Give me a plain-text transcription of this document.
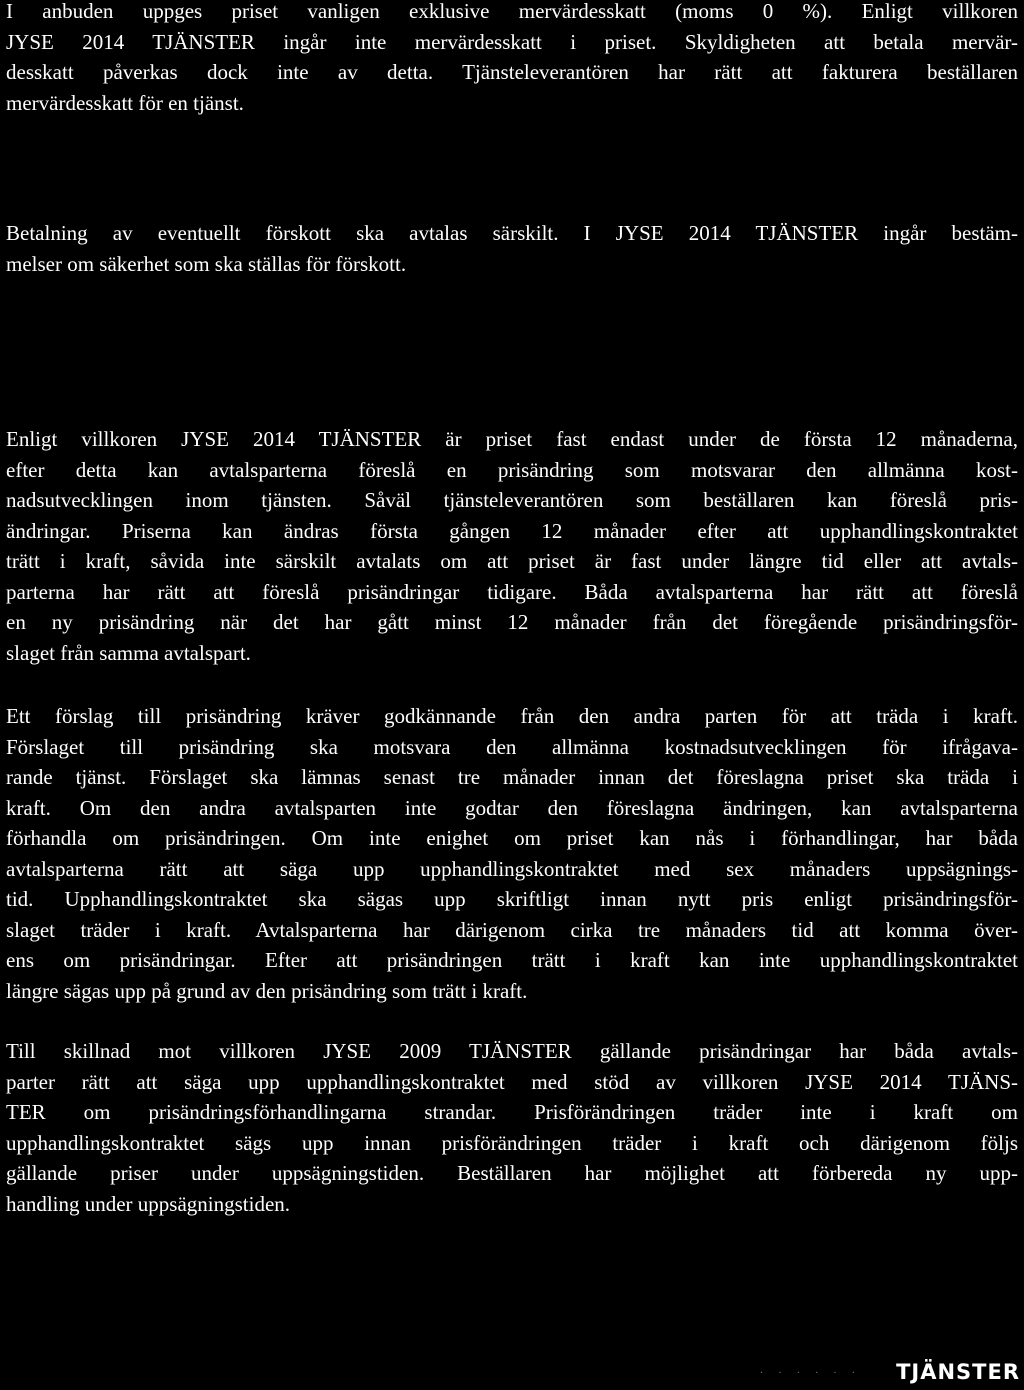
I anbuden uppges priset vanligen exklusive mervärdesskatt (moms 0 %). Enligt villkoren
JYSE 2014 TJÄNSTER ingår inte mervärdesskatt i priset. Skyldigheten att betala mervär-
desskatt påverkas dock inte av detta. Tjänsteleverantören har rätt att fakturera beställaren
mervärdesskatt för en tjänst.
Betalning av eventuellt förskott ska avtalas särskilt. I JYSE 2014 TJÄNSTER ingår bestäm-
melser om säkerhet som ska ställas för förskott.
Enligt villkoren JYSE 2014 TJÄNSTER är priset fast endast under de första 12 månaderna,
efter detta kan avtalsparterna föreslå en prisändring som motsvarar den allmänna kost-
nadsutvecklingen inom tjänsten. Såväl tjänsteleverantören som beställaren kan föreslå pris-
ändringar. Priserna kan ändras första gången 12 månader efter att upphandlingskontraktet
trätt i kraft, såvida inte särskilt avtalats om att priset är fast under längre tid eller att avtals-
parterna har rätt att föreslå prisändringar tidigare. Båda avtalsparterna har rätt att föreslå
en ny prisändring när det har gått minst 12 månader från det föregående prisändringsför-
slaget från samma avtalspart.
Ett förslag till prisändring kräver godkännande från den andra parten för att träda i kraft.
Förslaget till prisändring ska motsvara den allmänna kostnadsutvecklingen för ifrågava-
rande tjänst. Förslaget ska lämnas senast tre månader innan det föreslagna priset ska träda i
kraft. Om den andra avtalsparten inte godtar den föreslagna ändringen, kan avtalsparterna
förhandla om prisändringen. Om inte enighet om priset kan nås i förhandlingar, har båda
avtalsparterna rätt att säga upp upphandlingskontraktet med sex månaders uppsägnings-
tid. Upphandlingskontraktet ska sägas upp skriftligt innan nytt pris enligt prisändringsför-
slaget träder i kraft. Avtalsparterna har därigenom cirka tre månaders tid att komma över-
ens om prisändringar. Efter att prisändringen trätt i kraft kan inte upphandlingskontraktet
längre sägas upp på grund av den prisändring som trätt i kraft.
Till skillnad mot villkoren JYSE 2009 TJÄNSTER gällande prisändringar har båda avtals-
parter rätt att säga upp upphandlingskontraktet med stöd av villkoren JYSE 2014 TJÄNS-
TER om prisändringsförhandlingarna strandar. Prisförändringen träder inte i kraft om
upphandlingskontraktet sägs upp innan prisförändringen träder i kraft och därigenom följs
gällande priser under uppsägningstiden. Beställaren har möjlighet att förbereda ny upp-
handling under uppsägningstiden.
· · · · · ·	TJÄNSTER
